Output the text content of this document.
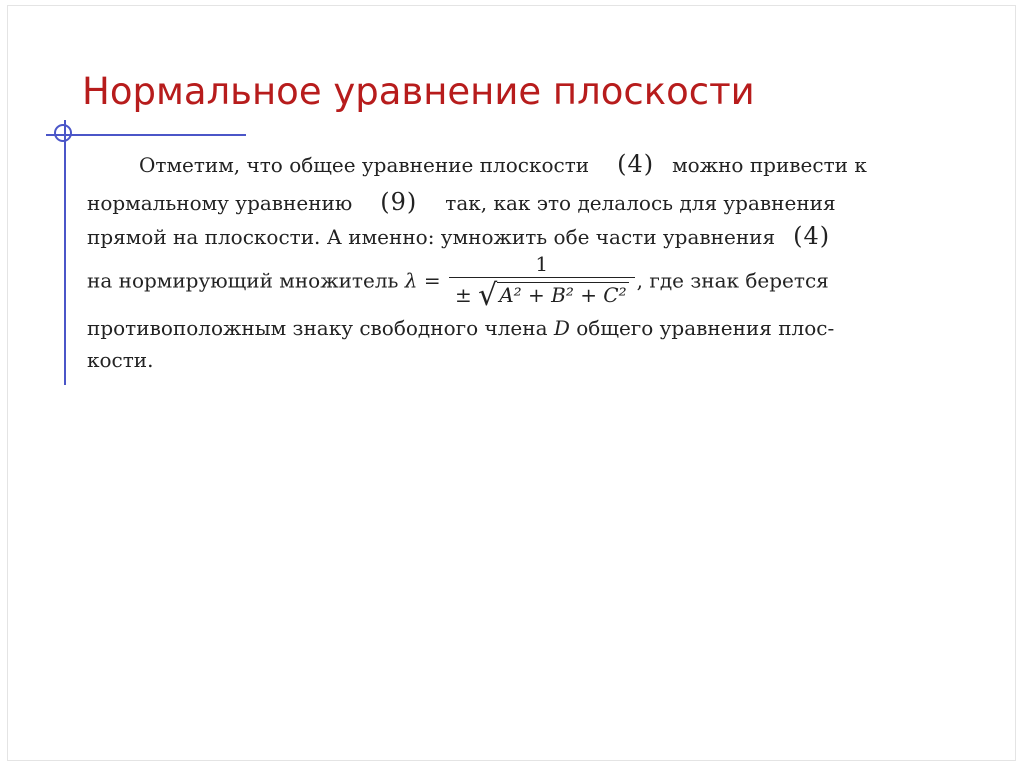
Нормальное уравнение плоскости
Отметим, что общее уравнение плоскости (4) можно привести к
нормальному уравнению (9) так, как это делалось для уравнения
прямой на плоскости. А именно: умножить обе части уравнения (4)
на нормирующий множитель $\lambda = \frac{1}{\text{± √ A² + B² + C²}}$ , где знак берется
противоположным знаку свободного члена D общего уравнения плос-
кости.
